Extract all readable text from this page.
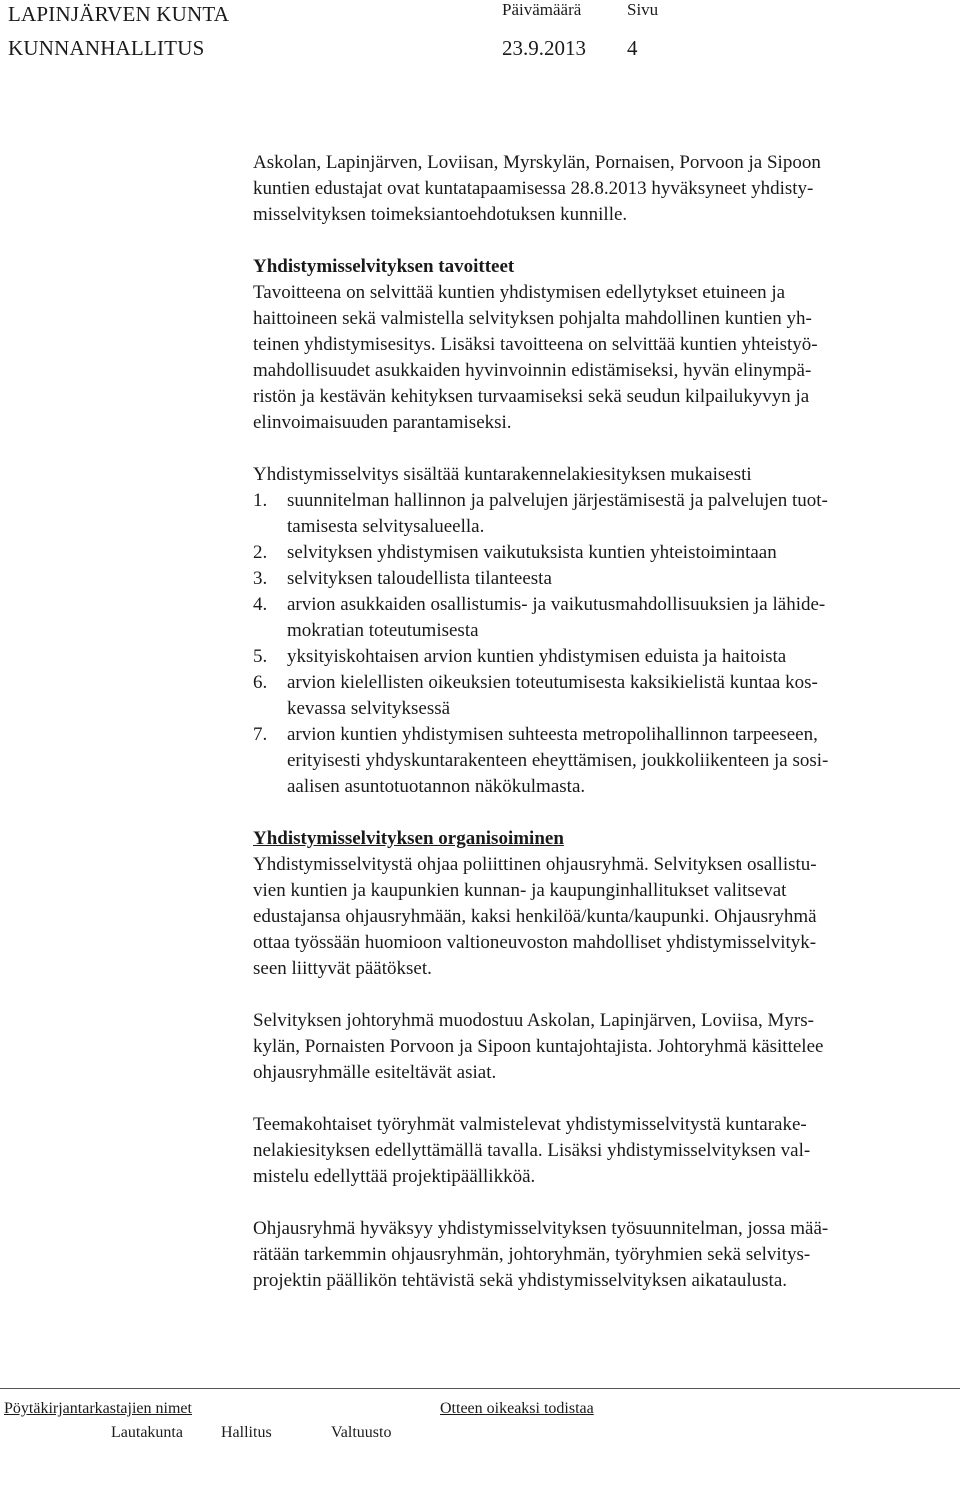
LAPINJÄRVEN KUNTA
KUNNANHALLITUS
Päivämäärä	Sivu
23.9.2013 4

Askolan, Lapinjärven, Loviisan, Myrskylän, Pornaisen, Porvoon ja Sipoon

kuntien edustajat ovat kuntatapaamisessa 28.8.2013 hyväksyneet yhdisty-

misselvityksen toimeksiantoehdotuksen kunnille.

Yhdistymisselvityksen tavoitteet

Tavoitteena on selvittää kuntien yhdistymisen edellytykset etuineen ja

haittoineen sekä valmistella selvityksen pohjalta mahdollinen kuntien yh-

teinen yhdistymisesitys. Lisäksi tavoitteena on selvittää kuntien yhteistyö-

mahdollisuudet asukkaiden hyvinvoinnin edistämiseksi, hyvän elinympä-

ristön ja kestävän kehityksen turvaamiseksi sekä seudun kilpailukyvyn ja

elinvoimaisuuden parantamiseksi.

Yhdistymisselvitys sisältää kuntarakennelakiesityksen mukaisesti

1.	suunnitelman hallinnon ja palvelujen järjestämisestä ja palvelujen tuot-
tamisesta selvitysalueella.
2.	selvityksen yhdistymisen vaikutuksista kuntien yhteistoimintaan
3.	selvityksen taloudellista tilanteesta
4.	arvion asukkaiden osallistumis- ja vaikutusmahdollisuuksien ja lähide-
mokratian toteutumisesta
5.	yksityiskohtaisen arvion kuntien yhdistymisen eduista ja haitoista
6.	arvion kielellisten oikeuksien toteutumisesta kaksikielistä kuntaa kos-
kevassa selvityksessä
7.	arvion kuntien yhdistymisen suhteesta metropolihallinnon tarpeeseen,
erityisesti yhdyskuntarakenteen eheyttämisen, joukkoliikenteen ja sosi-
aalisen asuntotuotannon näkökulmasta.

Yhdistymisselvityksen organisoiminen

Yhdistymisselvitystä ohjaa poliittinen ohjausryhmä. Selvityksen osallistu-

vien kuntien ja kaupunkien kunnan- ja kaupunginhallitukset valitsevat

edustajansa ohjausryhmään, kaksi henkilöä/kunta/kaupunki. Ohjausryhmä

ottaa työssään huomioon valtioneuvoston mahdolliset yhdistymisselvityk-

seen liittyvät päätökset.

Selvityksen johtoryhmä muodostuu Askolan, Lapinjärven, Loviisa, Myrs-

kylän, Pornaisten Porvoon ja Sipoon kuntajohtajista. Johtoryhmä käsittelee

ohjausryhmälle esiteltävät asiat.

Teemakohtaiset työryhmät valmistelevat yhdistymisselvitystä kuntarake-

nelakiesityksen edellyttämällä tavalla. Lisäksi yhdistymisselvityksen val-

mistelu edellyttää projektipäällikköä.

Ohjausryhmä hyväksyy yhdistymisselvityksen työsuunnitelman, jossa mää-

rätään tarkemmin ohjausryhmän, johtoryhmän, työryhmien sekä selvitys-

projektin päällikön tehtävistä sekä yhdistymisselvityksen aikataulusta.

Pöytäkirjantarkastajien nimet	Otteen oikeaksi todistaa
Lautakunta Hallitus	Valtuusto
